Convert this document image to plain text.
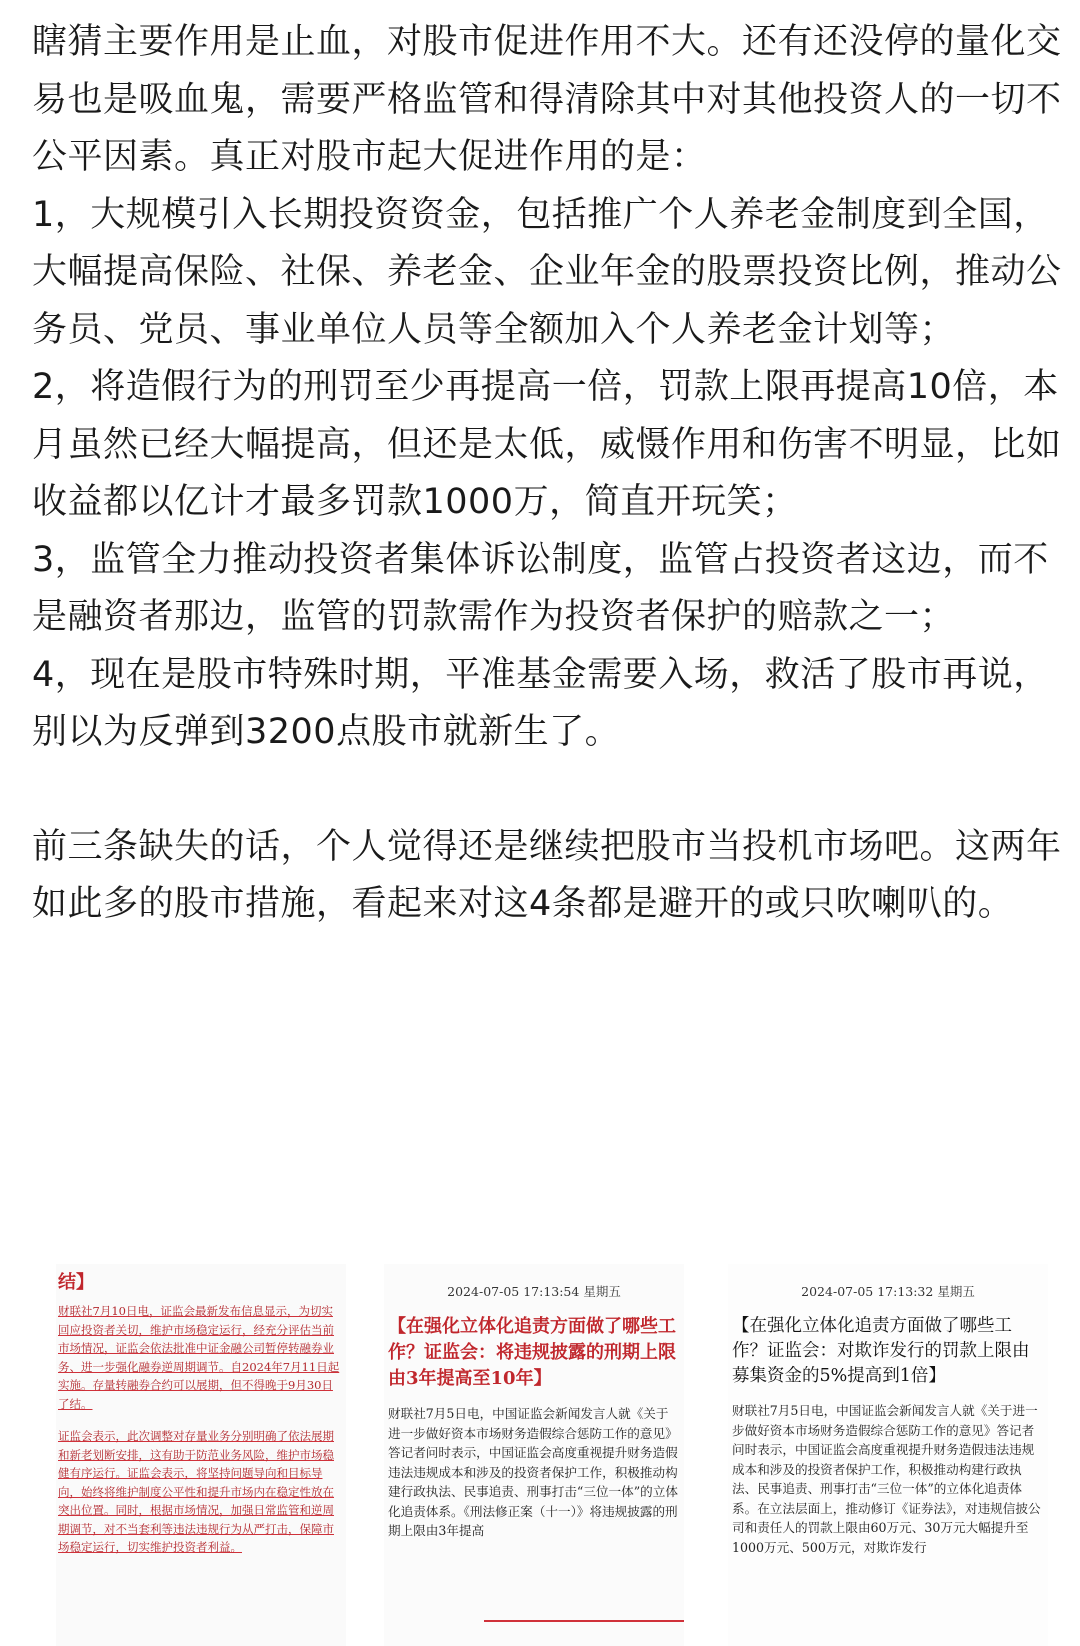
瞎猜主要作用是止血，对股市促进作用不大。还有还没停的量化交易也是吸血鬼，需要严格监管和得清除其中对其他投资人的一切不公平因素。真正对股市起大促进作用的是：

1，大规模引入长期投资资金，包括推广个人养老金制度到全国，大幅提高保险、社保、养老金、企业年金的股票投资比例，推动公务员、党员、事业单位人员等全额加入个人养老金计划等；

2，将造假行为的刑罚至少再提高一倍，罚款上限再提高10倍，本月虽然已经大幅提高，但还是太低，威慑作用和伤害不明显，比如收益都以亿计才最多罚款1000万，简直开玩笑；

3，监管全力推动投资者集体诉讼制度，监管占投资者这边，而不是融资者那边，监管的罚款需作为投资者保护的赔款之一；

4，现在是股市特殊时期，平准基金需要入场，救活了股市再说，别以为反弹到3200点股市就新生了。

前三条缺失的话，个人觉得还是继续把股市当投机市场吧。这两年如此多的股市措施，看起来对这4条都是避开的或只吹喇叭的。

结】
财联社7月10日电，证监会最新发布信息显示，为切实回应投资者关切，维护市场稳定运行，经充分评估当前市场情况，证监会依法批准中证金融公司暂停转融券业务、进一步强化融券逆周期调节。自2024年7月11日起实施。存量转融券合约可以展期，但不得晚于9月30日了结。
证监会表示，此次调整对存量业务分别明确了依法展期和新老划断安排，这有助于防范业务风险，维护市场稳健有序运行。证监会表示，将坚持问题导向和目标导向，始终将维护制度公平性和提升市场内在稳定性放在突出位置。同时，根据市场情况，加强日常监管和逆周期调节，对不当套利等违法违规行为从严打击，保障市场稳定运行，切实维护投资者利益。
2024-07-05 17:13:54 星期五
【在强化立体化追责方面做了哪些工作？证监会：将违规披露的刑期上限由3年提高至10年】
财联社7月5日电，中国证监会新闻发言人就《关于进一步做好资本市场财务造假综合惩防工作的意见》答记者问时表示，中国证监会高度重视提升财务造假违法违规成本和涉及的投资者保护工作，积极推动构建行政执法、民事追责、刑事打击“三位一体”的立体化追责体系。《刑法修正案（十一）》将违规披露的刑期上限由3年提高
2024-07-05 17:13:32 星期五
【在强化立体化追责方面做了哪些工作？证监会：对欺诈发行的罚款上限由募集资金的5%提高到1倍】
财联社7月5日电，中国证监会新闻发言人就《关于进一步做好资本市场财务造假综合惩防工作的意见》答记者问时表示，中国证监会高度重视提升财务造假违法违规成本和涉及的投资者保护工作，积极推动构建行政执法、民事追责、刑事打击“三位一体”的立体化追责体系。在立法层面上，推动修订《证券法》，对违规信披公司和责任人的罚款上限由60万元、30万元大幅提升至1000万元、500万元，对欺诈发行
